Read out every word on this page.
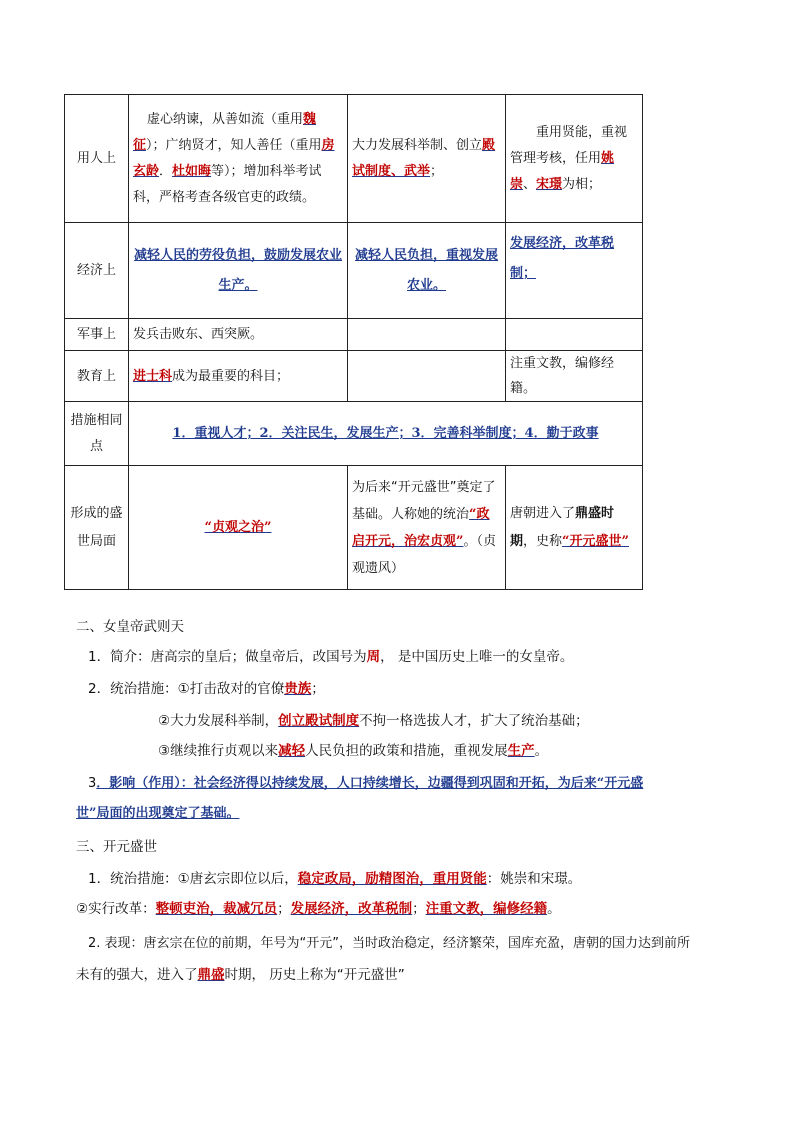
用人上	虚心纳谏，从善如流（重用魏征）；广纳贤才，知人善任（重用房玄龄．杜如晦等）；增加科举考试科，严格考查各级官吏的政绩。	大力发展科举制、创立殿试制度、武举；	重用贤能，重视管理考核，任用姚崇、宋璟为相；
经济上	减轻人民的劳役负担，鼓励发展农业生产。	减轻人民负担，重视发展农业。	发展经济，改革税制；
军事上	发兵击败东、西突厥。		
教育上	进士科成为最重要的科目；		注重文教，编修经籍。
措施相同点	1．重视人才；2．关注民生，发展生产；3．完善科举制度；4．勤于政事		
形成的盛世局面	“贞观之治”	为后来“开元盛世”奠定了基础。人称她的统治“政启开元，治宏贞观”。（贞观遗风）	唐朝进入了鼎盛时期，史称“开元盛世”
二、女皇帝武则天
1．简介：唐高宗的皇后；做皇帝后，改国号为周， 是中国历史上唯一的女皇帝。
2．统治措施：①打击敌对的官僚贵族；
②大力发展科举制，创立殿试制度不拘一格选拔人才，扩大了统治基础；
③继续推行贞观以来减轻人民负担的政策和措施，重视发展生产。
3．影响（作用）：社会经济得以持续发展，人口持续增长，边疆得到巩固和开拓，为后来“开元盛
世”局面的出现奠定了基础。
三、开元盛世
1．统治措施：①唐玄宗即位以后，稳定政局，励精图治，重用贤能：姚崇和宋璟。
②实行改革：整顿吏治，裁减冗员；发展经济，改革税制；注重文教，编修经籍。
2. 表现：唐玄宗在位的前期，年号为“开元”，当时政治稳定，经济繁荣，国库充盈，唐朝的国力达到前所
未有的强大，进入了鼎盛时期， 历史上称为“开元盛世”
